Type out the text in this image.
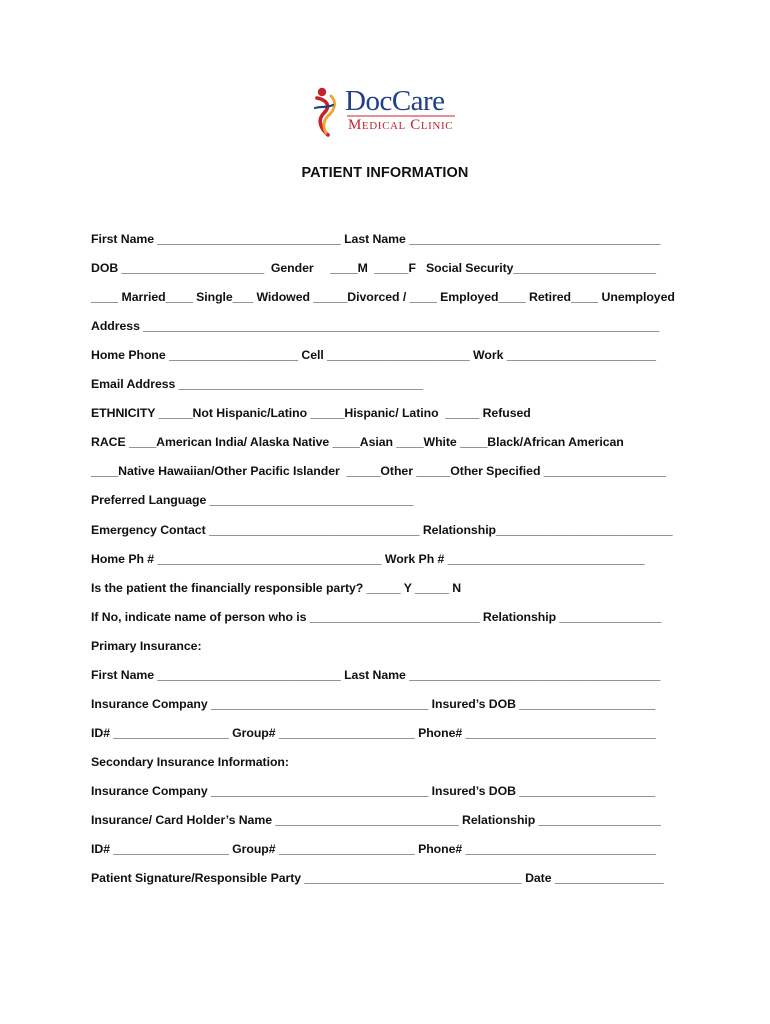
DocCare
Medical Clinic
PATIENT INFORMATION
First Name ___________________________ Last Name _____________________________________
DOB _____________________  Gender     ____M  _____F   Social Security_____________________
____ Married____ Single___ Widowed _____Divorced / ____ Employed____ Retired____ Unemployed
Address ____________________________________________________________________________
Home Phone ___________________ Cell _____________________ Work ______________________
Email Address ____________________________________
ETHNICITY _____Not Hispanic/Latino _____Hispanic/ Latino  _____ Refused
RACE ____American India/ Alaska Native ____Asian ____White ____Black/African American
____Native Hawaiian/Other Pacific Islander  _____Other _____Other Specified __________________
Preferred Language ______________________________
Emergency Contact _______________________________ Relationship__________________________
Home Ph # _________________________________ Work Ph # _____________________________
Is the patient the financially responsible party? _____ Y _____ N
If No, indicate name of person who is _________________________ Relationship _______________
Primary Insurance:
First Name ___________________________ Last Name _____________________________________
Insurance Company ________________________________ Insured’s DOB ____________________
ID# _________________ Group# ____________________ Phone# ____________________________
Secondary Insurance Information:
Insurance Company ________________________________ Insured’s DOB ____________________
Insurance/ Card Holder’s Name ___________________________ Relationship __________________
ID# _________________ Group# ____________________ Phone# ____________________________
Patient Signature/Responsible Party ________________________________ Date ________________
